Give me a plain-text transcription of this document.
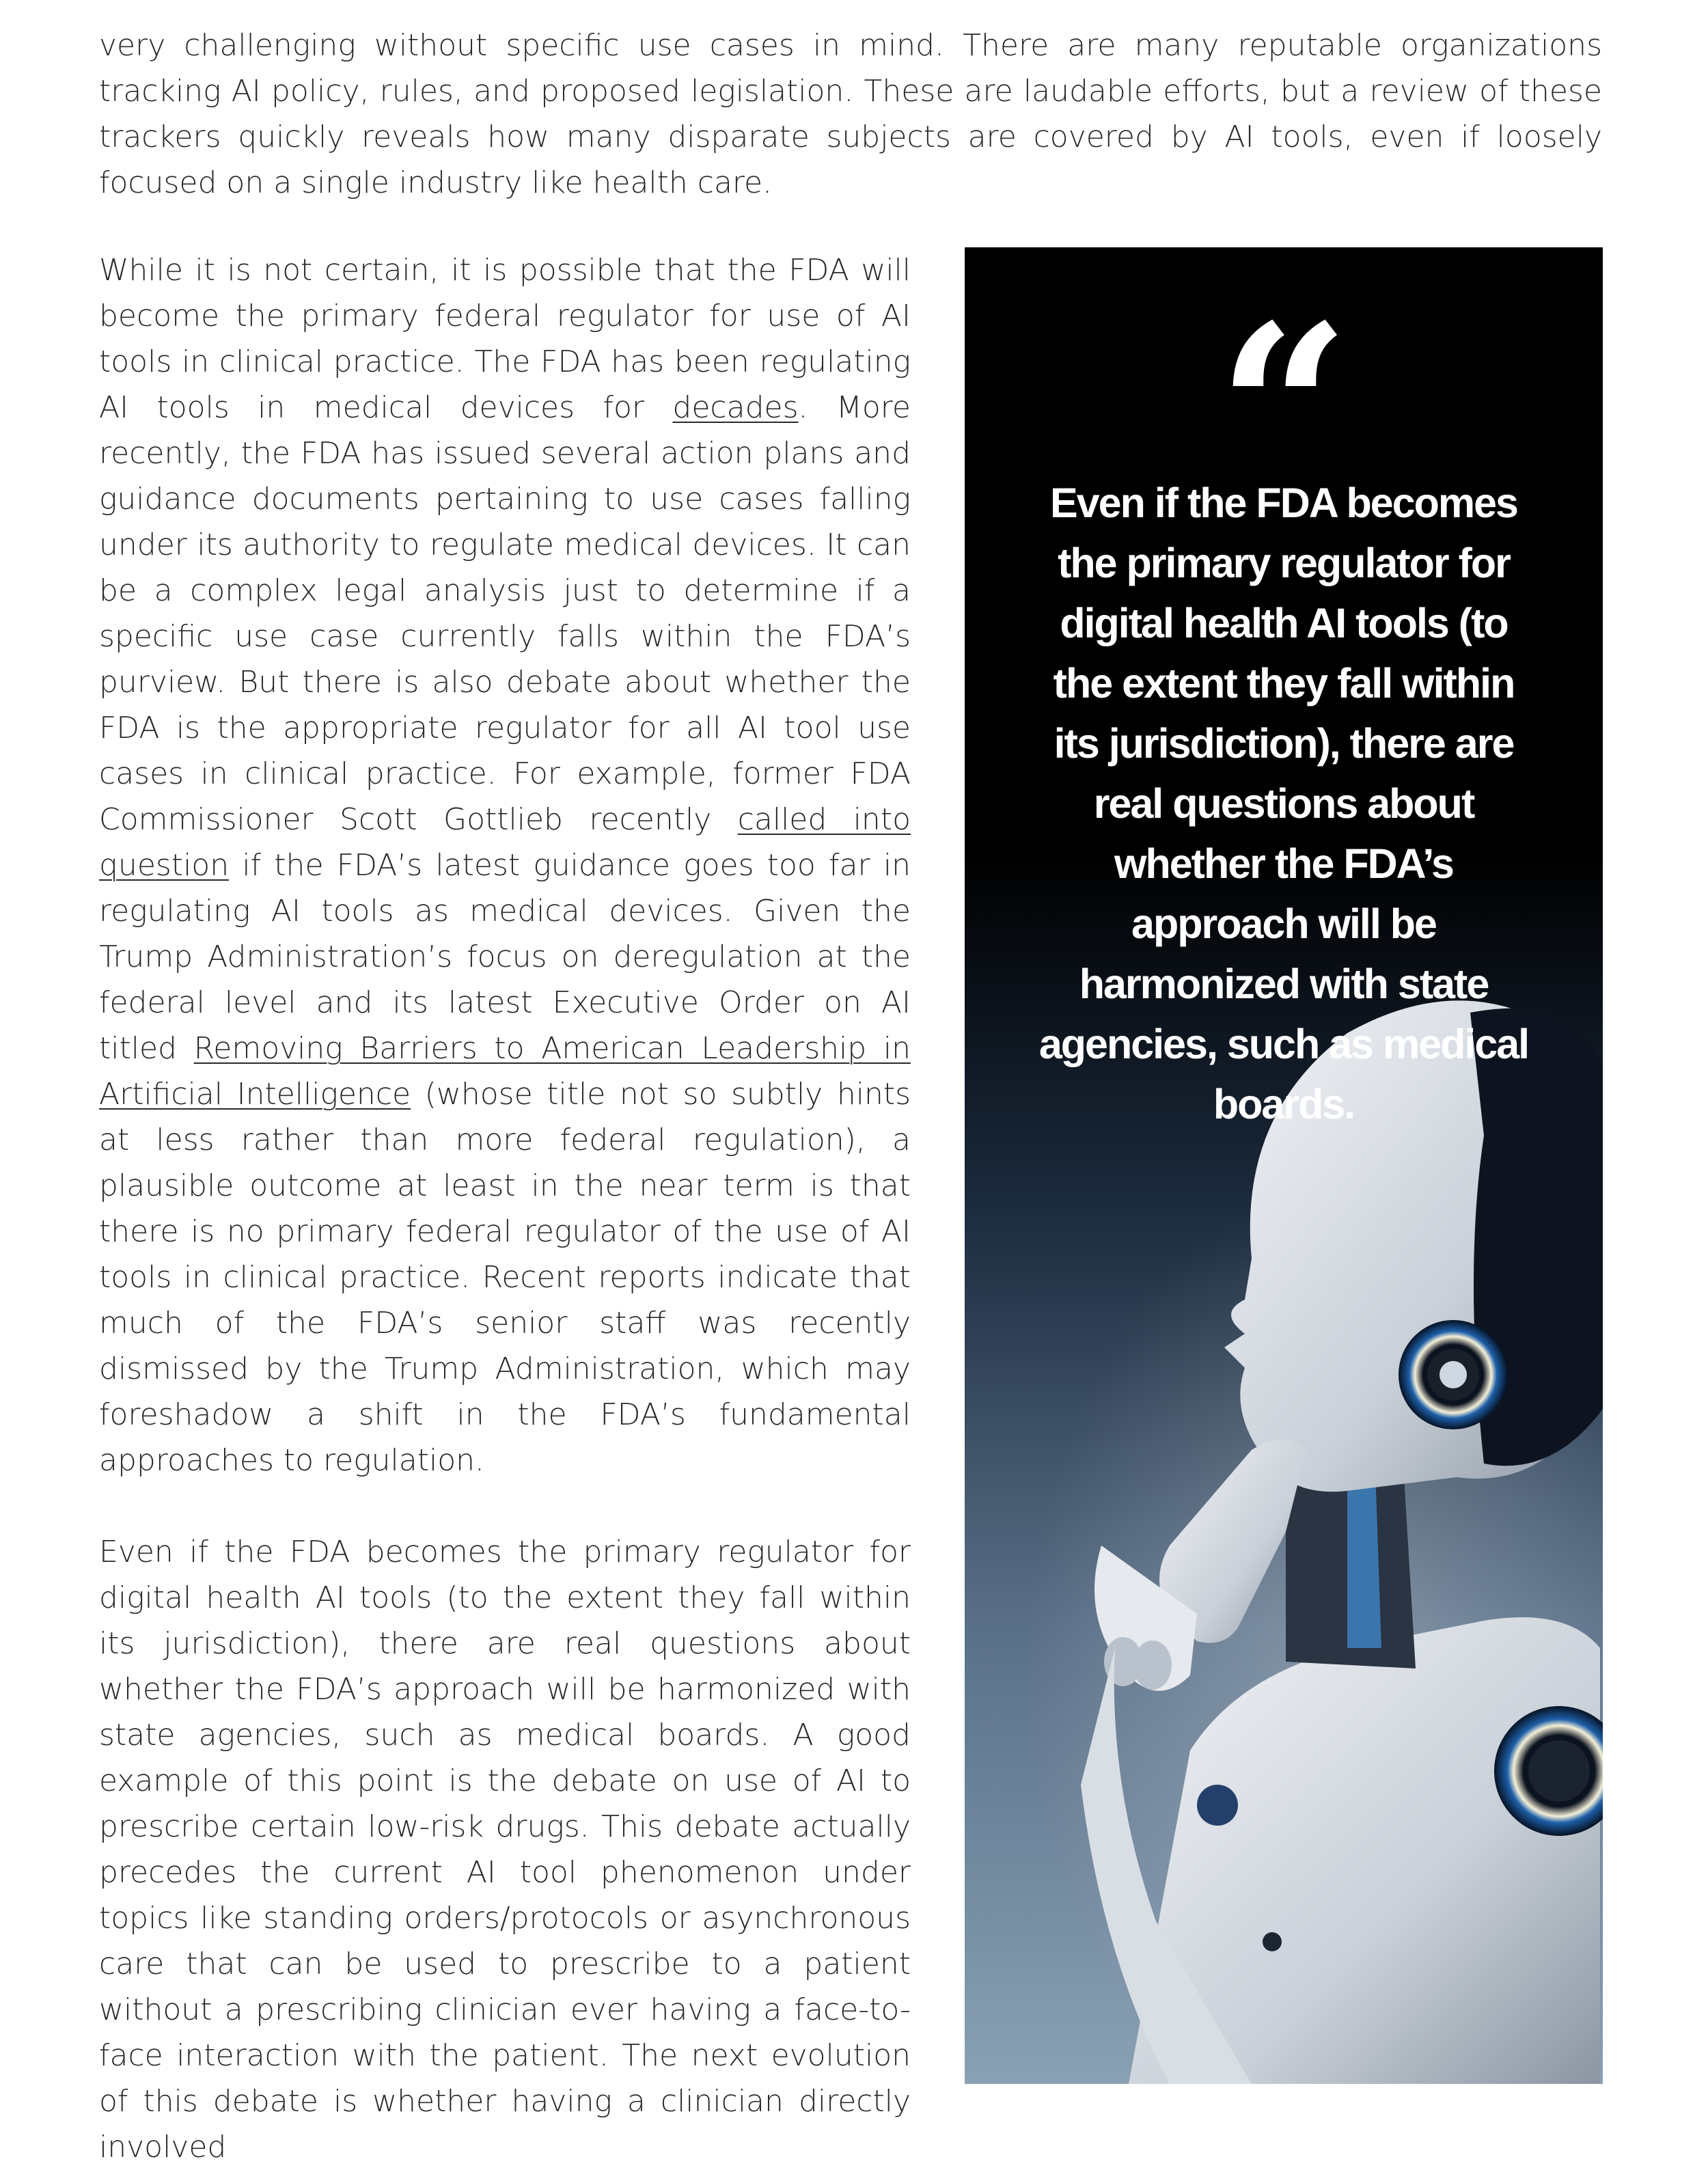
very challenging without specific use cases in mind. There are many reputable organizations tracking AI policy, rules, and proposed legislation. These are laudable efforts, but a review of these trackers quickly reveals how many disparate subjects are covered by AI tools, even if loosely focused on a single industry like health care.

While it is not certain, it is possible that the FDA will become the primary federal regulator for use of AI tools in clinical practice. The FDA has been regulating AI tools in medical devices for decades. More recently, the FDA has issued several action plans and guidance documents pertaining to use cases falling under its authority to regulate medical devices. It can be a complex legal analysis just to determine if a specific use case currently falls within the FDA’s purview. But there is also debate about whether the FDA is the appropriate regulator for all AI tool use cases in clinical practice. For example, former FDA Commissioner Scott Gottlieb recently called into question if the FDA’s latest guidance goes too far in regulating AI tools as medical devices. Given the Trump Administration’s focus on deregulation at the federal level and its latest Executive Order on AI titled Removing Barriers to American Leadership in Artificial Intelligence (whose title not so subtly hints at less rather than more federal regulation), a plausible outcome at least in the near term is that there is no primary federal regulator of the use of AI tools in clinical practice. Recent reports indicate that much of the FDA’s senior staff was recently dismissed by the Trump Administration, which may foreshadow a shift in the FDA’s fundamental approaches to regulation.

Even if the FDA becomes the primary regulator for digital health AI tools (to the extent they fall within its jurisdiction), there are real questions about whether the FDA’s approach will be harmonized with state agencies, such as medical boards. A good example of this point is the debate on use of AI to prescribe certain low-risk drugs. This debate actually precedes the current AI tool phenomenon under topics like standing orders/protocols or asynchronous care that can be used to prescribe to a patient without a prescribing clinician ever having a face-to-face interaction with the patient. The next evolution of this debate is whether having a clinician directly involved

“

Even if the FDA becomes the primary regulator for digital health AI tools (to the extent they fall within its jurisdiction), there are real questions about whether the FDA’s approach will be harmonized with state agencies, such as medical boards.
